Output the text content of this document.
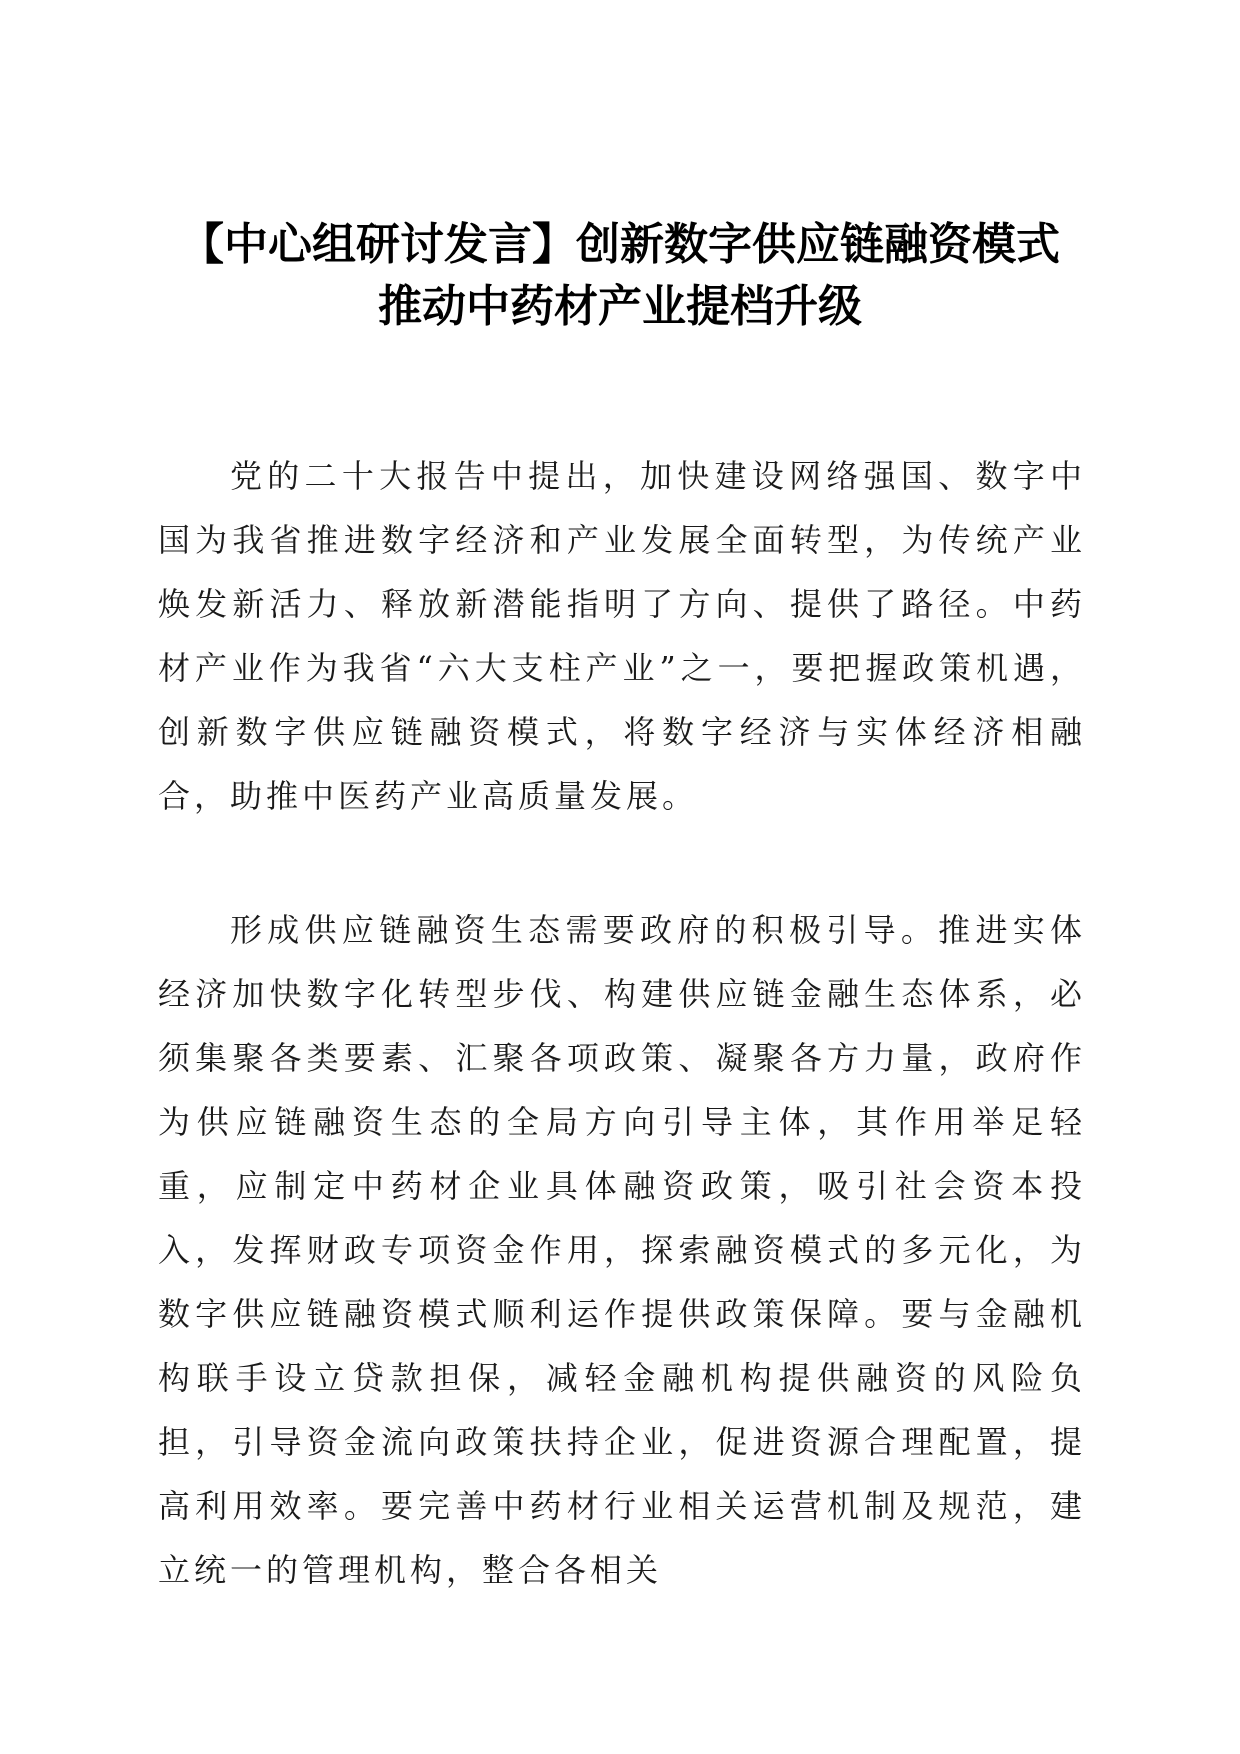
【中心组研讨发言】创新数字供应链融资模式
推动中药材产业提档升级

党的二十大报告中提出，加快建设网络强国、数字中国为我省推进数字经济和产业发展全面转型，为传统产业焕发新活力、释放新潜能指明了方向、提供了路径。中药材产业作为我省“六大支柱产业”之一，要把握政策机遇，创新数字供应链融资模式，将数字经济与实体经济相融合，助推中医药产业高质量发展。

形成供应链融资生态需要政府的积极引导。推进实体经济加快数字化转型步伐、构建供应链金融生态体系，必须集聚各类要素、汇聚各项政策、凝聚各方力量，政府作为供应链融资生态的全局方向引导主体，其作用举足轻重，应制定中药材企业具体融资政策，吸引社会资本投入，发挥财政专项资金作用，探索融资模式的多元化，为数字供应链融资模式顺利运作提供政策保障。要与金融机构联手设立贷款担保，减轻金融机构提供融资的风险负担，引导资金流向政策扶持企业，促进资源合理配置，提高利用效率。要完善中药材行业相关运营机制及规范，建立统一的管理机构，整合各相关
